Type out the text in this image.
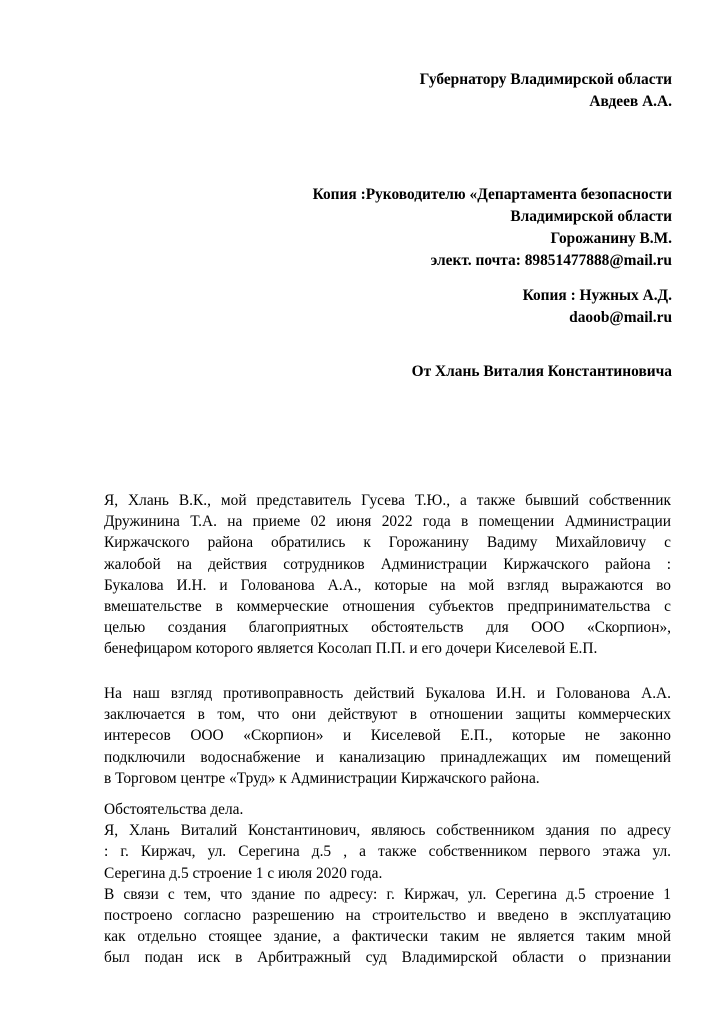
Губернатору Владимирской области
Авдеев А.А.
Копия :Руководителю «Департамента безопасности
Владимирской области
Горожанину В.М.
элект. почта: 89851477888@mail.ru
Копия : Нужных А.Д.
daoob@mail.ru
От Хлань Виталия Константиновича
Я, Хлань В.К., мой представитель Гусева Т.Ю., а также бывший собственник
Дружинина Т.А. на приеме 02 июня 2022 года в помещении Администрации
Киржачского района обратились к Горожанину Вадиму Михайловичу с
жалобой на действия сотрудников Администрации Киржачского района :
Букалова И.Н. и Голованова А.А., которые на мой взгляд выражаются во
вмешательстве в коммерческие отношения субъектов предпринимательства с
целью создания благоприятных обстоятельств для ООО «Скорпион»,
бенефицаром которого является Косолап П.П. и его дочери Киселевой Е.П.
На наш взгляд противоправность действий Букалова И.Н. и Голованова А.А.
заключается в том, что они действуют в отношении защиты коммерческих
интересов ООО «Скорпион» и Киселевой Е.П., которые не законно
подключили водоснабжение и канализацию принадлежащих им помещений
в Торговом центре «Труд» к Администрации Киржачского района.
Обстоятельства дела.
Я, Хлань Виталий Константинович, являюсь собственником здания по адресу
: г. Киржач, ул. Серегина д.5 , а также собственником первого этажа ул.
Серегина д.5 строение 1 с июля 2020 года.
В связи с тем, что здание по адресу: г. Киржач, ул. Серегина д.5 строение 1
построено согласно разрешению на строительство и введено в эксплуатацию
как отдельно стоящее здание, а фактически таким не является таким мной
был подан иск в Арбитражный суд Владимирской области о признании
